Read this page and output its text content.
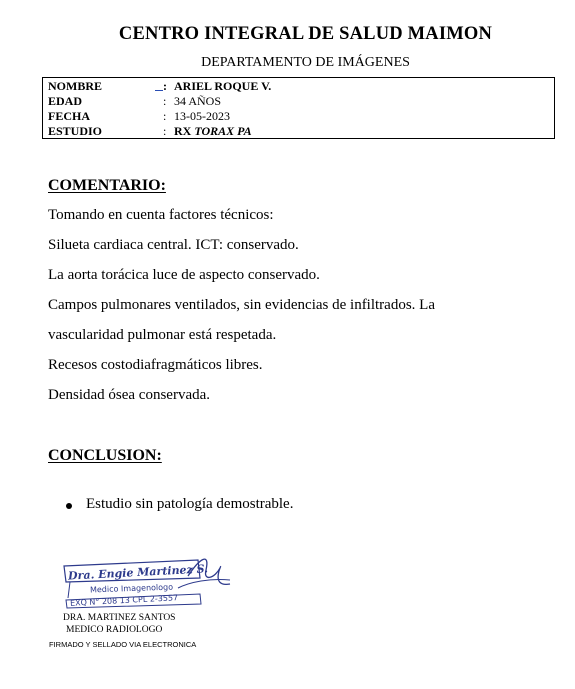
CENTRO INTEGRAL DE SALUD MAIMON
DEPARTAMENTO DE IMÁGENES
NOMBRE	: ARIEL ROQUE V.
EDAD	: 34 AÑOS
FECHA	: 13-05-2023
ESTUDIO	: RX TORAX PA
COMENTARIO:
Tomando en cuenta factores técnicos:
Silueta cardiaca central. ICT: conservado.
La aorta torácica luce de aspecto conservado.
Campos pulmonares ventilados, sin evidencias de infiltrados. La
vascularidad pulmonar está respetada.
Recesos costodiafragmáticos libres.
Densidad ósea conservada.
CONCLUSION:
Estudio sin patología demostrable.
Dra. Engie Martinez S.
Medico Imagenologo
EXQ N° 208 13 CPL 2-3557
DRA. MARTINEZ SANTOS
MEDICO RADIOLOGO
FIRMADO Y SELLADO VIA ELECTRONICA
